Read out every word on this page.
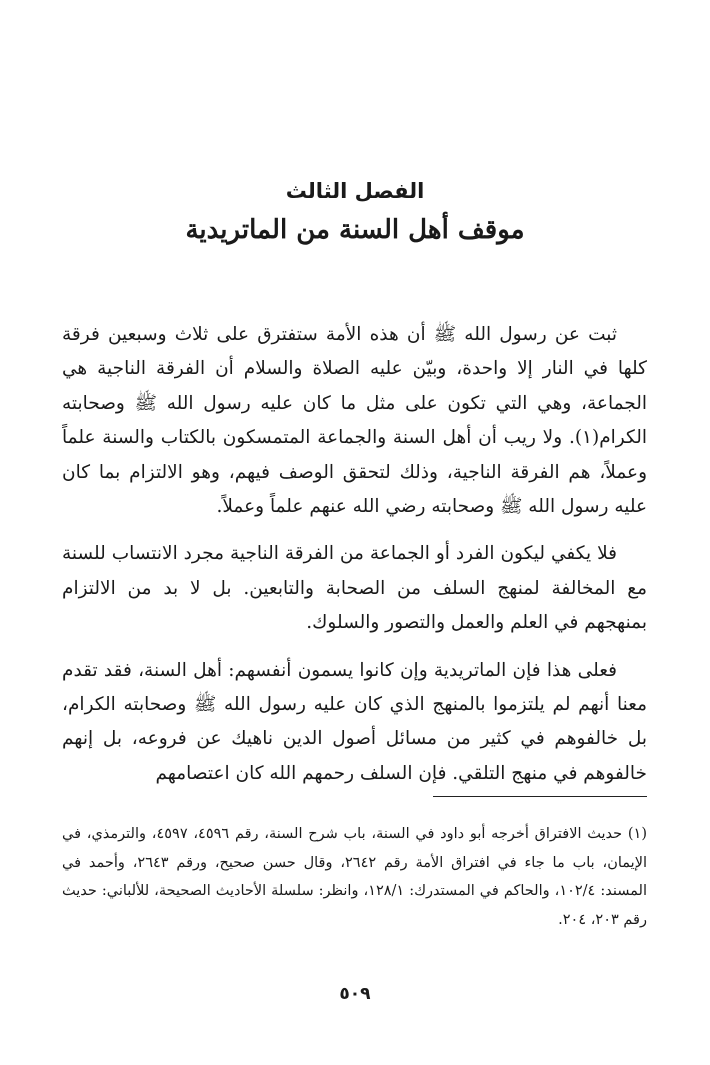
الفصل الثالث
موقف أهل السنة من الماتريدية

ثبت عن رسول الله ﷺ أن هذه الأمة ستفترق على ثلاث وسبعين فرقة كلها في النار إلا واحدة، وبيّن عليه الصلاة والسلام أن الفرقة الناجية هي الجماعة، وهي التي تكون على مثل ما كان عليه رسول الله ﷺ وصحابته الكرام(١). ولا ريب أن أهل السنة والجماعة المتمسكون بالكتاب والسنة علماً وعملاً، هم الفرقة الناجية، وذلك لتحقق الوصف فيهم، وهو الالتزام بما كان عليه رسول الله ﷺ وصحابته رضي الله عنهم علماً وعملاً.

فلا يكفي ليكون الفرد أو الجماعة من الفرقة الناجية مجرد الانتساب للسنة مع المخالفة لمنهج السلف من الصحابة والتابعين. بل لا بد من الالتزام بمنهجهم في العلم والعمل والتصور والسلوك.

فعلى هذا فإن الماتريدية وإن كانوا يسمون أنفسهم: أهل السنة، فقد تقدم معنا أنهم لم يلتزموا بالمنهج الذي كان عليه رسول الله ﷺ وصحابته الكرام، بل خالفوهم في كثير من مسائل أصول الدين ناهيك عن فروعه، بل إنهم خالفوهم في منهج التلقي. فإن السلف رحمهم الله كان اعتصامهم

(١) حديث الافتراق أخرجه أبو داود في السنة، باب شرح السنة، رقم ٤٥٩٦، ٤٥٩٧، والترمذي، في الإيمان، باب ما جاء في افتراق الأمة رقم ٢٦٤٢، وقال حسن صحيح، ورقم ٢٦٤٣، وأحمد في المسند: ١٠٢/٤، والحاكم في المستدرك: ١٢٨/١، وانظر: سلسلة الأحاديث الصحيحة، للألباني: حديث رقم ٢٠٣، ٢٠٤.

٥٠٩
